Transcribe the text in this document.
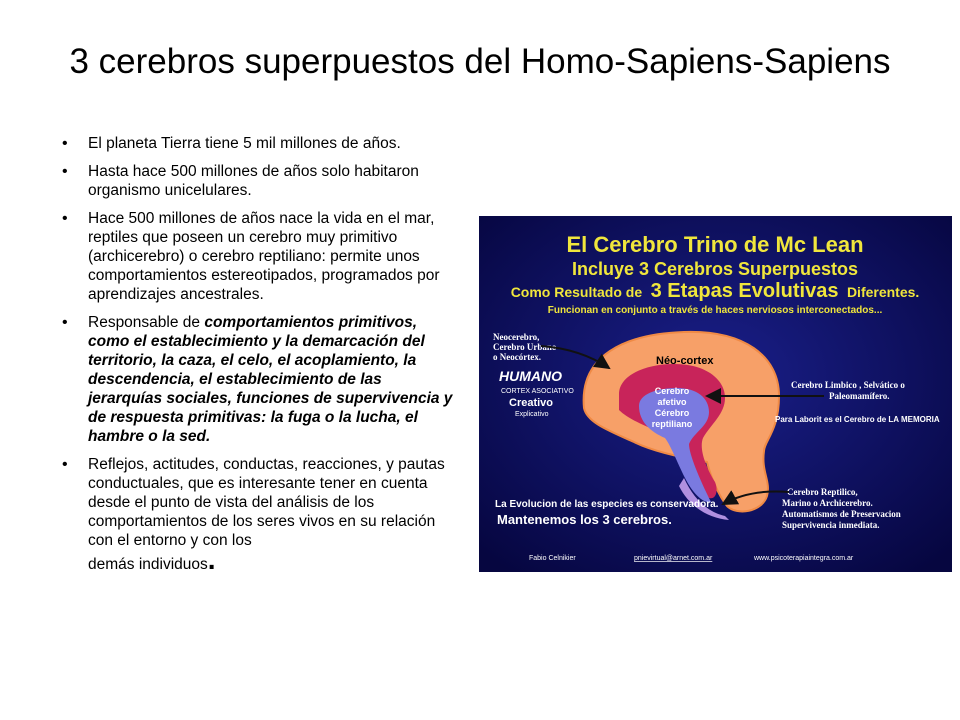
3 cerebros superpuestos del Homo-Sapiens-Sapiens
• El planeta Tierra tiene 5 mil millones de años.
• Hasta hace 500 millones de años solo habitaron organismo unicelulares.
• Hace 500 millones de años nace la vida en el mar, reptiles que poseen un cerebro muy primitivo (archicerebro) o cerebro reptiliano: permite unos comportamientos estereotipados, programados por aprendizajes ancestrales.
• Responsable de comportamientos primitivos, como el establecimiento y la demarcación del territorio, la caza, el celo, el acoplamiento, la descendencia, el establecimiento de las jerarquías sociales, funciones de supervivencia y de respuesta primitivas: la fuga o la lucha, el hambre o la sed.
• Reflejos, actitudes, conductas, reacciones, y pautas conductuales, que es interesante tener en cuenta desde el punto de vista del análisis de los comportamientos de los seres vivos en su relación con el entorno y con los
demás individuos.
El Cerebro Trino de Mc Lean
Incluye 3 Cerebros Superpuestos
Como Resultado de 3 Etapas Evolutivas Diferentes.
Funcionan en conjunto a través de haces nerviosos interconectados...
Néo-cortex
Cerebro
afetivo
Cérebro
reptiliano
Neocerebro,
Cerebro Urbano
o Neocórtex.
HUMANO
CORTEX ASOCIATIVO
Creativo
Explicativo
Cerebro Limbico , Selvático o
Paleomamífero.
Para Laborit es el Cerebro de LA MEMORIA
Cerebro Reptilico,
Marino o Archicerebro.
Automatismos de Preservacion
Supervivencia inmediata.
La Evolucion de las especies es conservadora.
Mantenemos los 3 cerebros.
Fabio Celnikier	pnievirtual@arnet.com.ar	www.psicoterapiaintegra.com.ar
